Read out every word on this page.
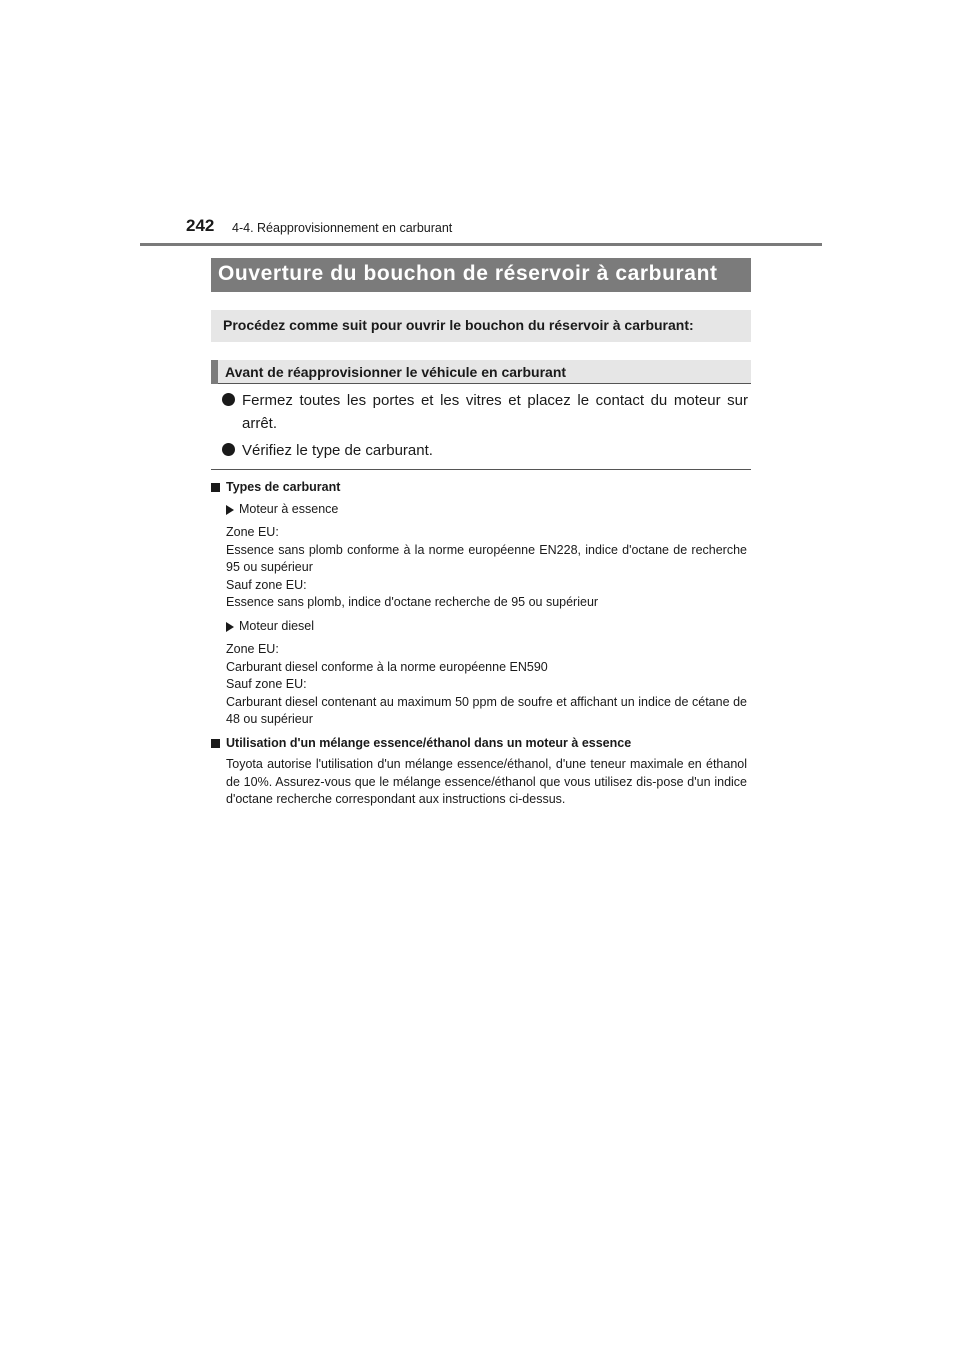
242 4-4. Réapprovisionnement en carburant
Ouverture du bouchon de réservoir à carburant
Procédez comme suit pour ouvrir le bouchon du réservoir à carburant:
Avant de réapprovisionner le véhicule en carburant
Fermez toutes les portes et les vitres et placez le contact du moteur sur arrêt.
Vérifiez le type de carburant.
Types de carburant
Moteur à essence
Zone EU:
Essence sans plomb conforme à la norme européenne EN228, indice d'octane de recherche 95 ou supérieur
Sauf zone EU:
Essence sans plomb, indice d'octane recherche de 95 ou supérieur
Moteur diesel
Zone EU:
Carburant diesel conforme à la norme européenne EN590
Sauf zone EU:
Carburant diesel contenant au maximum 50 ppm de soufre et affichant un indice de cétane de 48 ou supérieur
Utilisation d'un mélange essence/éthanol dans un moteur à essence
Toyota autorise l'utilisation d'un mélange essence/éthanol, d'une teneur maximale en éthanol de 10%. Assurez-vous que le mélange essence/éthanol que vous utilisez dis-pose d'un indice d'octane recherche correspondant aux instructions ci-dessus.
